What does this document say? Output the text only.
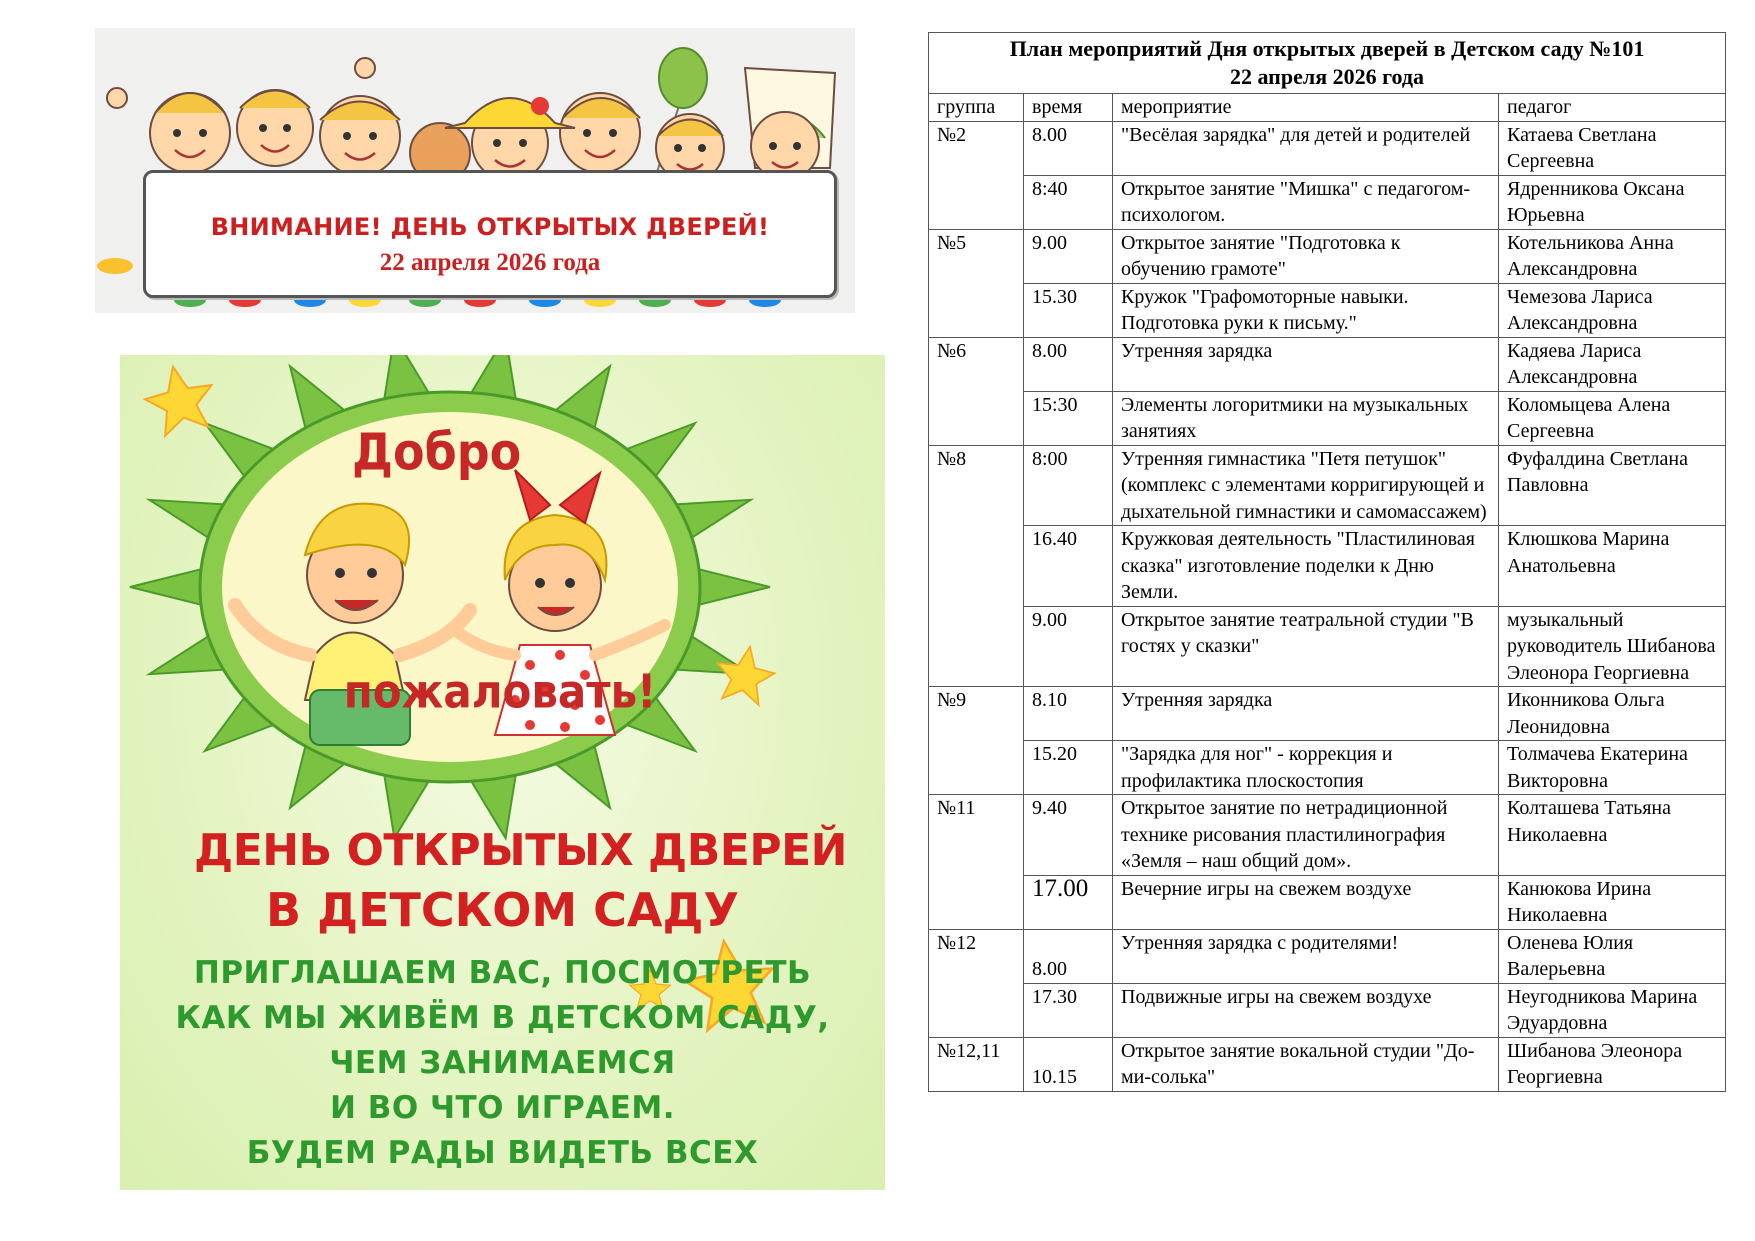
ВНИМАНИЕ! ДЕНЬ ОТКРЫТЫХ ДВЕРЕЙ!
22 апреля 2026 года
Добро
пожаловать!
ДЕНЬ ОТКРЫТЫХ ДВЕРЕЙ
В ДЕТСКОМ САДУ
ПРИГЛАШАЕМ ВАС, ПОСМОТРЕТЬ
КАК МЫ ЖИВЁМ В ДЕТСКОМ САДУ,
ЧЕМ ЗАНИМАЕМСЯ
И ВО ЧТО ИГРАЕМ.
БУДЕМ РАДЫ ВИДЕТЬ ВСЕХ
План мероприятий Дня открытых дверей в Детском саду №101
22 апреля 2026 года			

группа	время	мероприятие	педагог
№2	8.00	"Весёлая зарядка" для детей и родителей	Катаева Светлана Сергеевна
	8:40	Открытое занятие "Мишка" с педагогом-психологом.	Ядренникова Оксана Юрьевна
№5	9.00	Открытое занятие "Подготовка к обучению грамоте"	Котельникова Анна Александровна
	15.30	Кружок "Графомоторные навыки. Подготовка руки к письму."	Чемезова Лариса Александровна
№6	8.00	Утренняя зарядка	Кадяева Лариса Александровна
	15:30	Элементы логоритмики на музыкальных занятиях	Коломыцева Алена Сергеевна
№8	8:00	Утренняя гимнастика "Петя петушок" (комплекс с элементами корригирующей и дыхательной гимнастики и самомассажем)	Фуфалдина Светлана Павловна
	16.40	Кружковая деятельность "Пластилиновая сказка" изготовление поделки к Дню Земли.	Клюшкова Марина Анатольевна
	9.00	Открытое занятие театральной студии "В гостях у сказки"	музыкальный руководитель Шибанова Элеонора Георгиевна
№9	8.10	Утренняя зарядка	Иконникова Ольга Леонидовна
	15.20	"Зарядка для ног" - коррекция и профилактика плоскостопия	Толмачева Екатерина Викторовна
№11	9.40	Открытое занятие по нетрадиционной технике рисования пластилинография «Земля – наш общий дом».	Колташева Татьяна Николаевна
	17.00	Вечерние игры на свежем воздухе	Канюкова Ирина Николаевна
№12	8.00	Утренняя зарядка с родителями!	Оленева Юлия Валерьевна
	17.30	Подвижные игры на свежем воздухе	Неугодникова Марина Эдуардовна
№12,11	10.15	Открытое занятие вокальной студии "До-ми-солька"	Шибанова Элеонора Георгиевна
